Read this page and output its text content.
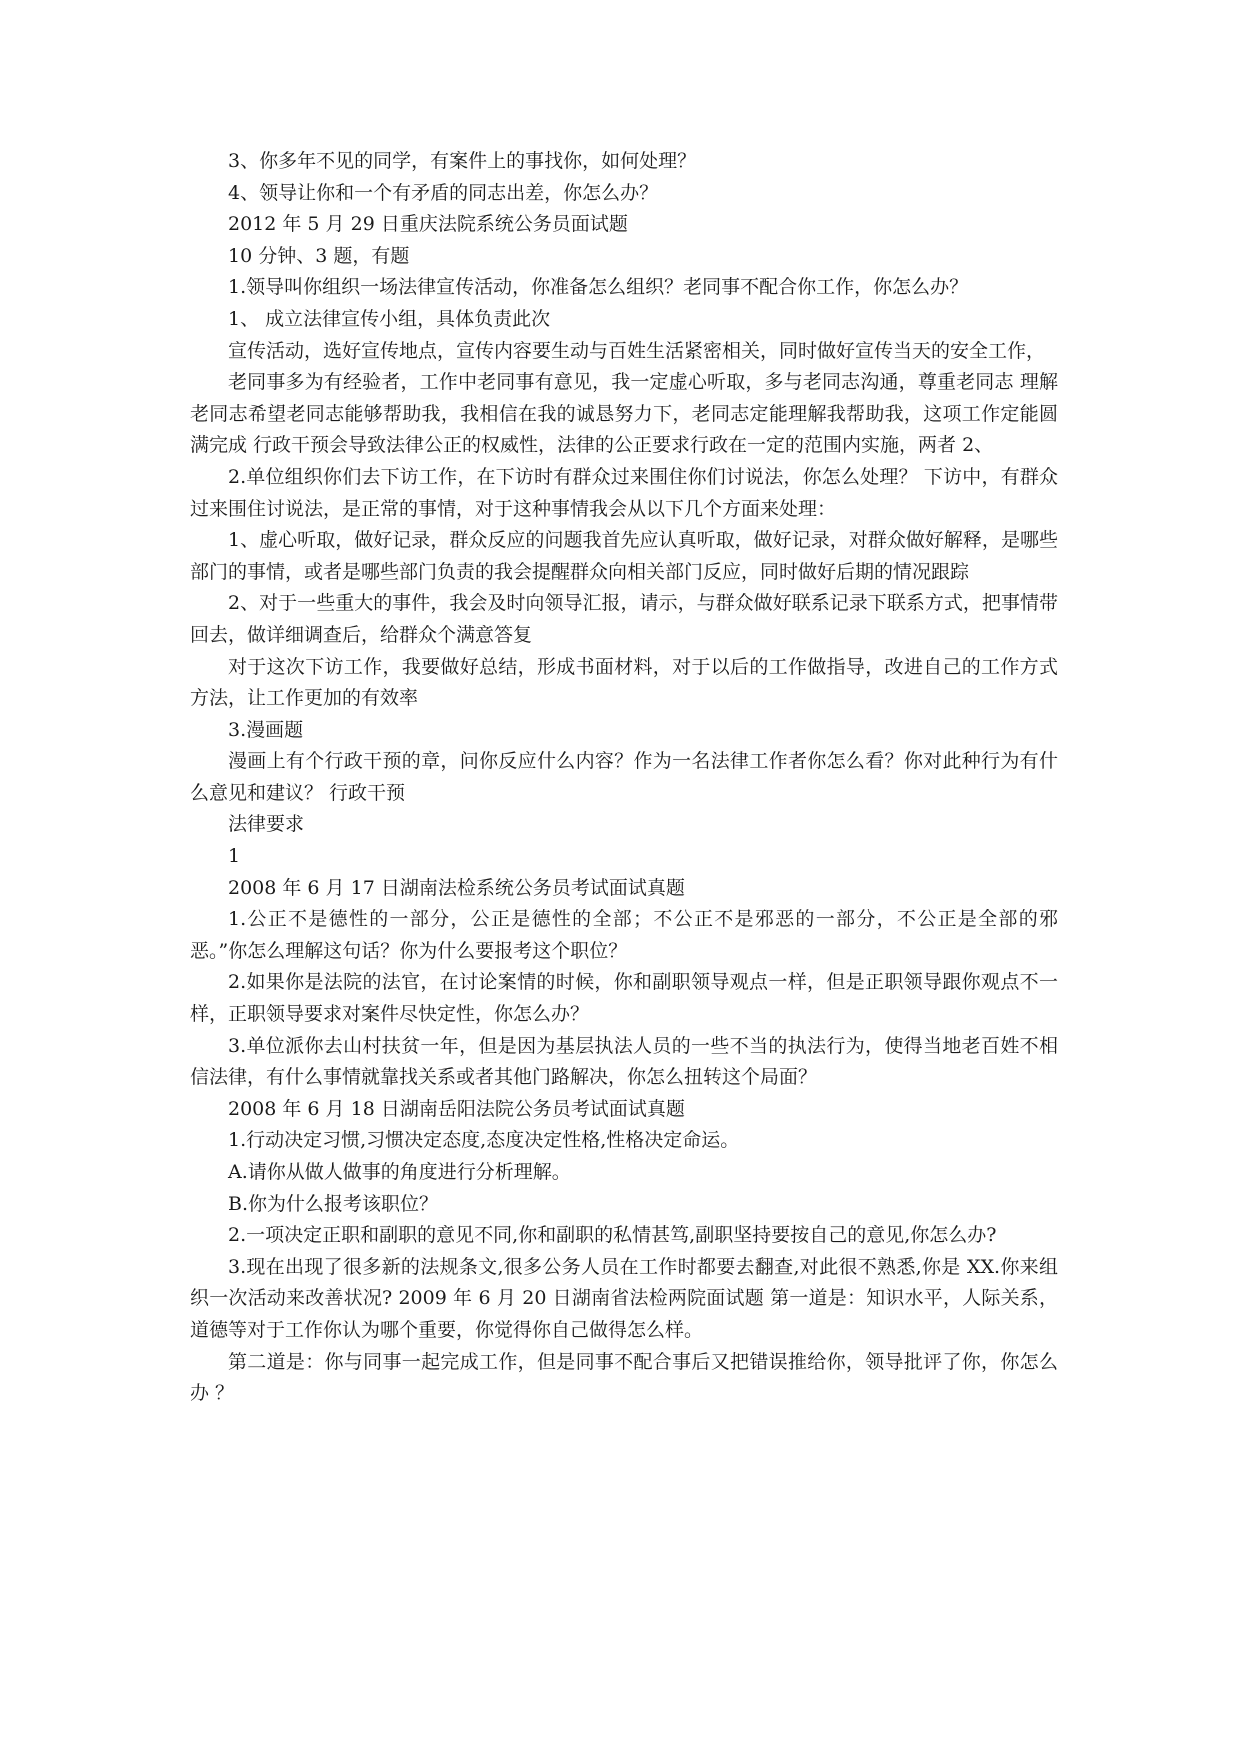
3、你多年不见的同学，有案件上的事找你，如何处理？

4、领导让你和一个有矛盾的同志出差，你怎么办？

2012 年 5 月 29 日重庆法院系统公务员面试题

10 分钟、3 题，有题

1.领导叫你组织一场法律宣传活动，你准备怎么组织？老同事不配合你工作，你怎么办？

1、 成立法律宣传小组，具体负责此次

宣传活动，选好宣传地点，宣传内容要生动与百姓生活紧密相关，同时做好宣传当天的安全工作，

老同事多为有经验者，工作中老同事有意见，我一定虚心听取，多与老同志沟通，尊重老同志 理解老同志希望老同志能够帮助我，我相信在我的诚恳努力下，老同志定能理解我帮助我，这项工作定能圆满完成 行政干预会导致法律公正的权威性，法律的公正要求行政在一定的范围内实施，两者 2、

2.单位组织你们去下访工作，在下访时有群众过来围住你们讨说法，你怎么处理？ 下访中，有群众过来围住讨说法，是正常的事情，对于这种事情我会从以下几个方面来处理：

1、虚心听取，做好记录，群众反应的问题我首先应认真听取，做好记录，对群众做好解释，是哪些部门的事情，或者是哪些部门负责的我会提醒群众向相关部门反应，同时做好后期的情况跟踪

2、对于一些重大的事件，我会及时向领导汇报，请示，与群众做好联系记录下联系方式，把事情带回去，做详细调查后，给群众个满意答复

对于这次下访工作，我要做好总结，形成书面材料，对于以后的工作做指导，改进自己的工作方式方法，让工作更加的有效率

3.漫画题

漫画上有个行政干预的章，问你反应什么内容？作为一名法律工作者你怎么看？你对此种行为有什么意见和建议？ 行政干预

法律要求

1

2008 年 6 月 17 日湖南法检系统公务员考试面试真题

1.公正不是德性的一部分，公正是德性的全部；不公正不是邪恶的一部分，不公正是全部的邪恶。”你怎么理解这句话？你为什么要报考这个职位？

2.如果你是法院的法官，在讨论案情的时候，你和副职领导观点一样，但是正职领导跟你观点不一样，正职领导要求对案件尽快定性，你怎么办？

3.单位派你去山村扶贫一年，但是因为基层执法人员的一些不当的执法行为，使得当地老百姓不相信法律，有什么事情就靠找关系或者其他门路解决，你怎么扭转这个局面？

2008 年 6 月 18 日湖南岳阳法院公务员考试面试真题

1.行动决定习惯,习惯决定态度,态度决定性格,性格决定命运。

A.请你从做人做事的角度进行分析理解。

B.你为什么报考该职位？

2.一项决定正职和副职的意见不同,你和副职的私情甚笃,副职坚持要按自己的意见,你怎么办?

3.现在出现了很多新的法规条文,很多公务人员在工作时都要去翻查,对此很不熟悉,你是 XX.你来组织一次活动来改善状况? 2009 年 6 月 20 日湖南省法检两院面试题 第一道是：知识水平，人际关系，道德等对于工作你认为哪个重要，你觉得你自己做得怎么样。

第二道是：你与同事一起完成工作，但是同事不配合事后又把错误推给你，领导批评了你，你怎么办 ？
